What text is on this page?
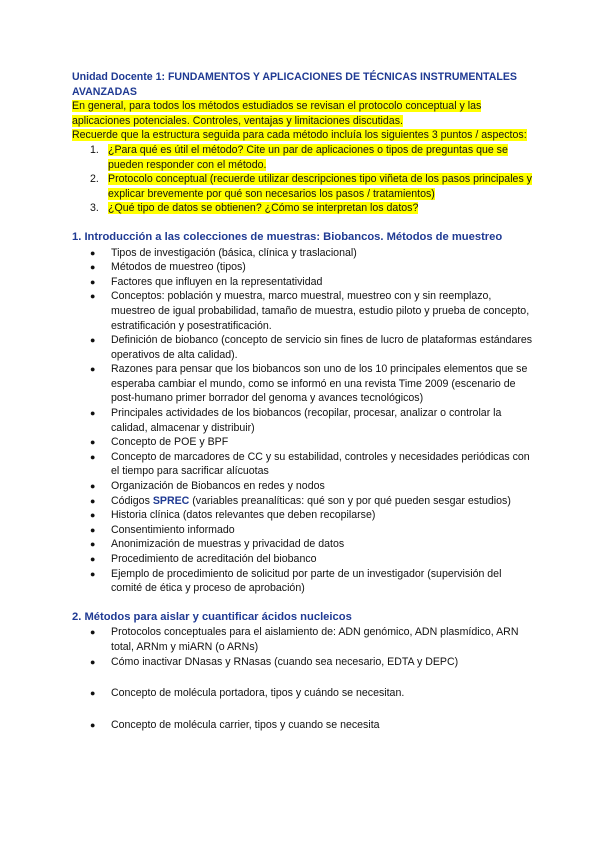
Unidad Docente 1: FUNDAMENTOS Y APLICACIONES DE TÉCNICAS INSTRUMENTALES AVANZADAS
En general, para todos los métodos estudiados se revisan el protocolo conceptual y las aplicaciones potenciales. Controles, ventajas y limitaciones discutidas.
Recuerde que la estructura seguida para cada método incluía los siguientes 3 puntos / aspectos:
1. ¿Para qué es útil el método? Cite un par de aplicaciones o tipos de preguntas que se pueden responder con el método.
2. Protocolo conceptual (recuerde utilizar descripciones tipo viñeta de los pasos principales y explicar brevemente por qué son necesarios los pasos / tratamientos)
3. ¿Qué tipo de datos se obtienen? ¿Cómo se interpretan los datos?
1. Introducción a las colecciones de muestras: Biobancos. Métodos de muestreo
● Tipos de investigación (básica, clínica y traslacional)
● Métodos de muestreo (tipos)
● Factores que influyen en la representatividad
● Conceptos: población y muestra, marco muestral, muestreo con y sin reemplazo, muestreo de igual probabilidad, tamaño de muestra, estudio piloto y prueba de concepto, estratificación y posestratificación.
● Definición de biobanco (concepto de servicio sin fines de lucro de plataformas estándares operativos de alta calidad).
● Razones para pensar que los biobancos son uno de los 10 principales elementos que se esperaba cambiar el mundo, como se informó en una revista Time 2009 (escenario de post-humano primer borrador del genoma y avances tecnológicos)
● Principales actividades de los biobancos (recopilar, procesar, analizar o controlar la calidad, almacenar y distribuir)
● Concepto de POE y BPF
● Concepto de marcadores de CC y su estabilidad, controles y necesidades periódicas con el tiempo para sacrificar alícuotas
● Organización de Biobancos en redes y nodos
● Códigos SPREC (variables preanalíticas: qué son y por qué pueden sesgar estudios)
● Historia clínica (datos relevantes que deben recopilarse)
● Consentimiento informado
● Anonimización de muestras y privacidad de datos
● Procedimiento de acreditación del biobanco
● Ejemplo de procedimiento de solicitud por parte de un investigador (supervisión del comité de ética y proceso de aprobación)
2. Métodos para aislar y cuantificar ácidos nucleicos
● Protocolos conceptuales para el aislamiento de: ADN genómico, ADN plasmídico, ARN total, ARNm y miARN (o ARNs)
● Cómo inactivar DNasas y RNasas (cuando sea necesario, EDTA y DEPC)
● Concepto de molécula portadora, tipos y cuándo se necesitan.
● Concepto de molécula carrier, tipos y cuando se necesita
